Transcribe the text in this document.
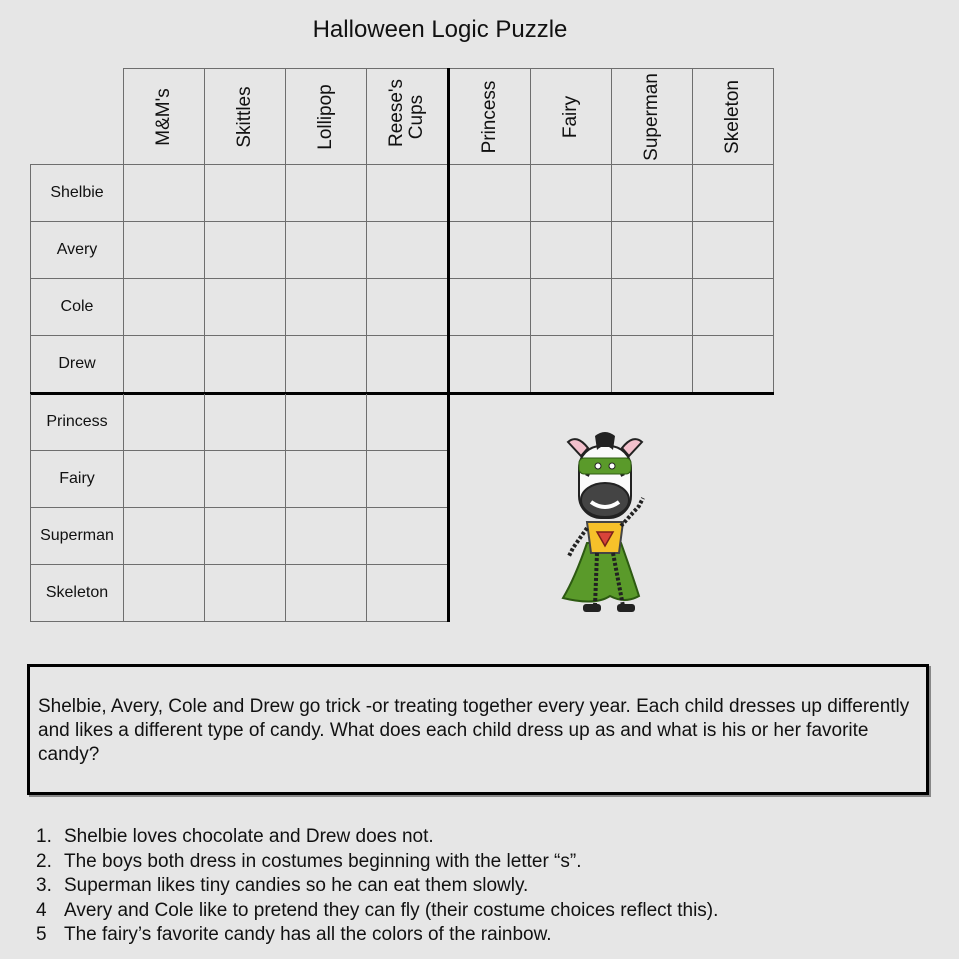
Halloween Logic Puzzle

	M&M's	Skittles	Lollipop	Reese's Cups	Princess	Fairy	Superman	Skeleton

Shelbie								
Avery								
Cole								
Drew								
Princess				
Fairy				
Superman				
Skeleton				
Shelbie, Avery, Cole and Drew go trick -or treating together every year. Each child dresses up differently and likes a different type of candy. What does each child dress up as and what is his or her favorite candy?
1. Shelbie loves chocolate and Drew does not.
2. The boys both dress in costumes beginning with the letter “s”.
3. Superman likes tiny candies so he can eat them slowly.
4 Avery and Cole like to pretend they can fly (their costume choices reflect this).
5 The fairy’s favorite candy has all the colors of the rainbow.
